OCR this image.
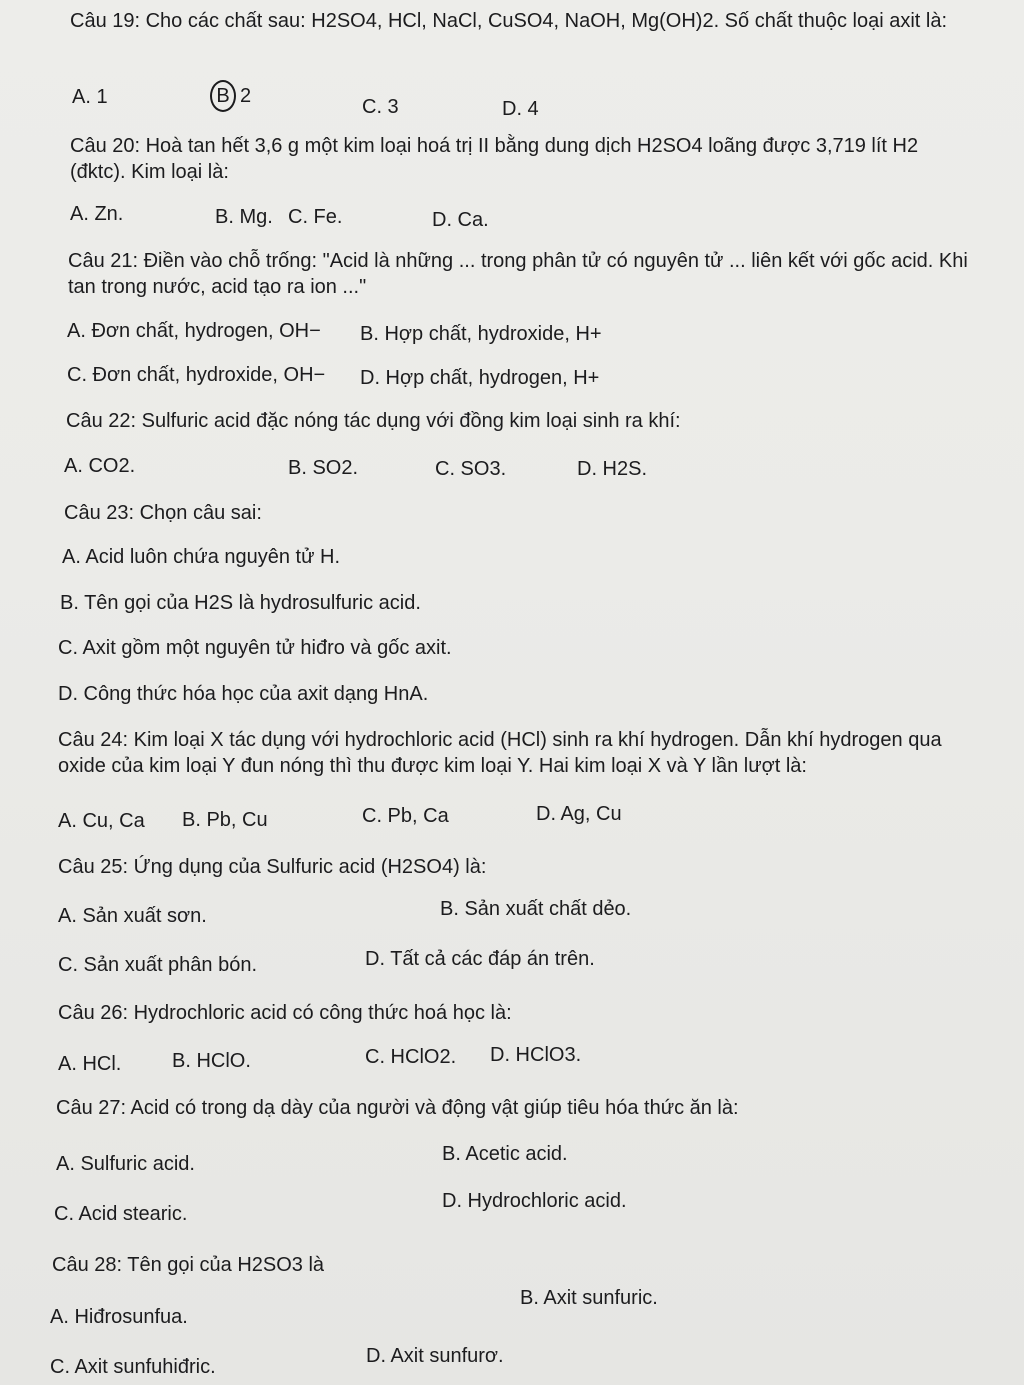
Câu 19: Cho các chất sau: H2SO4, HCl, NaCl, CuSO4, NaOH, Mg(OH)2. Số chất thuộc loại axit là:
A. 1	B 2	C. 3	D. 4
Câu 20: Hoà tan hết 3,6 g một kim loại hoá trị II bằng dung dịch H2SO4 loãng được 3,719 lít H2 (đktc). Kim loại là:
A. Zn.	B. Mg. C. Fe.	D. Ca.
Câu 21: Điền vào chỗ trống: "Acid là những ... trong phân tử có nguyên tử ... liên kết với gốc acid. Khi tan trong nước, acid tạo ra ion ..."
A. Đơn chất, hydrogen, OH− B. Hợp chất, hydroxide, H+
C. Đơn chất, hydroxide, OH− D. Hợp chất, hydrogen, H+
Câu 22: Sulfuric acid đặc nóng tác dụng với đồng kim loại sinh ra khí:
A. CO2.	B. SO2.	C. SO3.	D. H2S.
Câu 23: Chọn câu sai:
A. Acid luôn chứa nguyên tử H.
B. Tên gọi của H2S là hydrosulfuric acid.
C. Axit gồm một nguyên tử hiđro và gốc axit.
D. Công thức hóa học của axit dạng HnA.
Câu 24: Kim loại X tác dụng với hydrochloric acid (HCl) sinh ra khí hydrogen. Dẫn khí hydrogen qua oxide của kim loại Y đun nóng thì thu được kim loại Y. Hai kim loại X và Y lần lượt là:
A. Cu, Ca B. Pb, Cu	C. Pb, Ca	D. Ag, Cu
Câu 25: Ứng dụng của Sulfuric acid (H2SO4) là:
A. Sản xuất sơn.	B. Sản xuất chất dẻo.
C. Sản xuất phân bón.	D. Tất cả các đáp án trên.
Câu 26: Hydrochloric acid có công thức hoá học là:
A. HCl.	B. HClO.	C. HClO2. D. HClO3.
Câu 27: Acid có trong dạ dày của người và động vật giúp tiêu hóa thức ăn là:
A. Sulfuric acid.	B. Acetic acid.
C. Acid stearic.
D. Hydrochloric acid.
Câu 28: Tên gọi của H2SO3 là
A. Hiđrosunfua.
B. Axit sunfuric.
C. Axit sunfuhiđric.	D. Axit sunfurơ.
